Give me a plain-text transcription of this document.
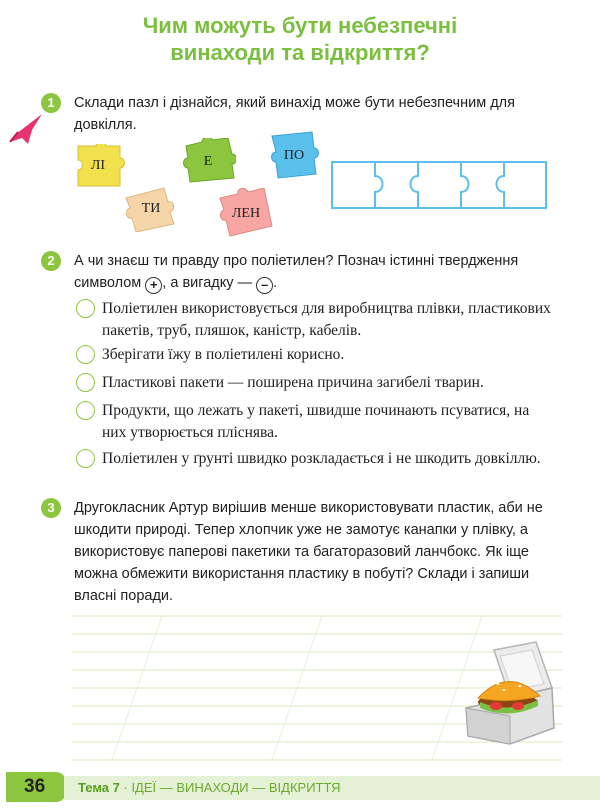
Чим можуть бути небезпечні
винаходи та відкриття?
1	Склади пазл і дізнайся, який винахід може бути небезпечним для довкілля.
ЛІ	Е	ПО
ТИ	ЛЕН
2	А чи знаєш ти правду про поліетилен? Познач істинні твердження символом + , а вигадку — – .
Поліетилен використовується для виробництва плівки, пластикових пакетів, труб, пляшок, каністр, кабелів.
Зберігати їжу в поліетилені корисно.
Пластикові пакети — поширена причина загибелі тварин.
Продукти, що лежать у пакеті, швидше починають псуватися, на них утворюється пліснява.
Поліетилен у ґрунті швидко розкладається і не шкодить довкіллю.
3	Другокласник Артур вирішив менше використовувати пластик, аби не шкодити природі. Тепер хлопчик уже не замотує канапки у плівку, а використовує паперові пакетики та багаторазовий ланчбокс. Як іще можна обмежити використання пластику в побуті? Склади і запиши власні поради.
36	Тема 7 · ІДЕЇ — ВИНАХОДИ — ВІДКРИТТЯ
